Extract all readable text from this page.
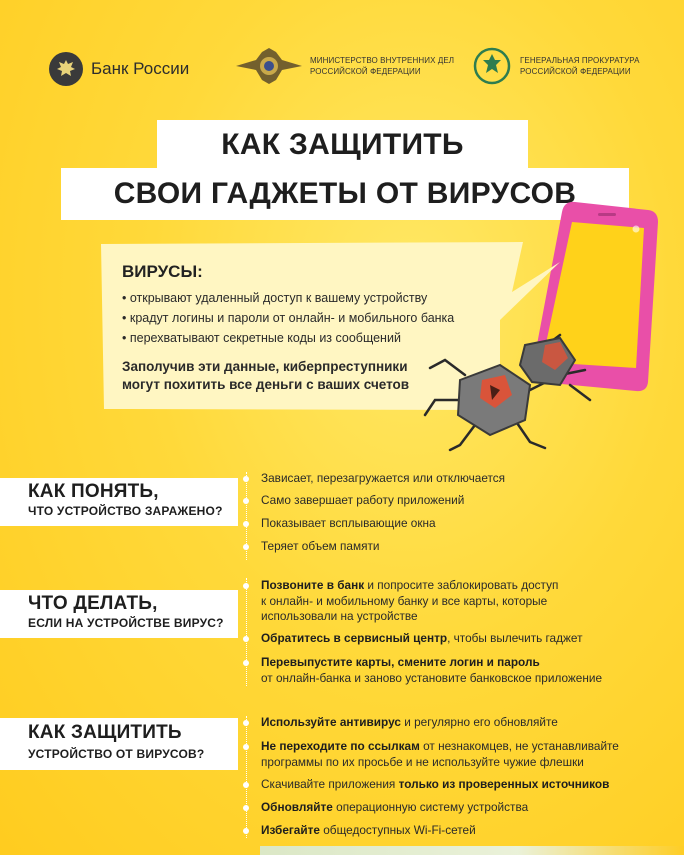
Банк России	МИНИСТЕРСТВО ВНУТРЕННИХ ДЕЛ
РОССИЙСКОЙ ФЕДЕРАЦИИ
ГЕНЕРАЛЬНАЯ ПРОКУРАТУРА
РОССИЙСКОЙ ФЕДЕРАЦИИ
КАК ЗАЩИТИТЬ
СВОИ ГАДЖЕТЫ ОТ ВИРУСОВ
ВИРУСЫ:
• открывают удаленный доступ к вашему устройству
• крадут логины и пароли от онлайн- и мобильного банка
• перехватывают секретные коды из сообщений
Заполучив эти данные, киберпреступники
могут похитить все деньги с ваших счетов
КАК ПОНЯТЬ,
ЧТО УСТРОЙСТВО ЗАРАЖЕНО?
Зависает, перезагружается или отключается
Само завершает работу приложений
Показывает всплывающие окна
Теряет объем памяти
ЧТО ДЕЛАТЬ,
ЕСЛИ НА УСТРОЙСТВЕ ВИРУС?
Позвоните в банк и попросите заблокировать доступ
к онлайн- и мобильному банку и все карты, которые
использовали на устройстве
Обратитесь в сервисный центр, чтобы вылечить гаджет
Перевыпустите карты, смените логин и пароль
от онлайн-банка и заново установите банковское приложение
КАК ЗАЩИТИТЬ
УСТРОЙСТВО ОТ ВИРУСОВ?
Используйте антивирус и регулярно его обновляйте
Не переходите по ссылкам от незнакомцев, не устанавливайте
программы по их просьбе и не используйте чужие флешки
Скачивайте приложения только из проверенных источников
Обновляйте операционную систему устройства
Избегайте общедоступных Wi-Fi-сетей
